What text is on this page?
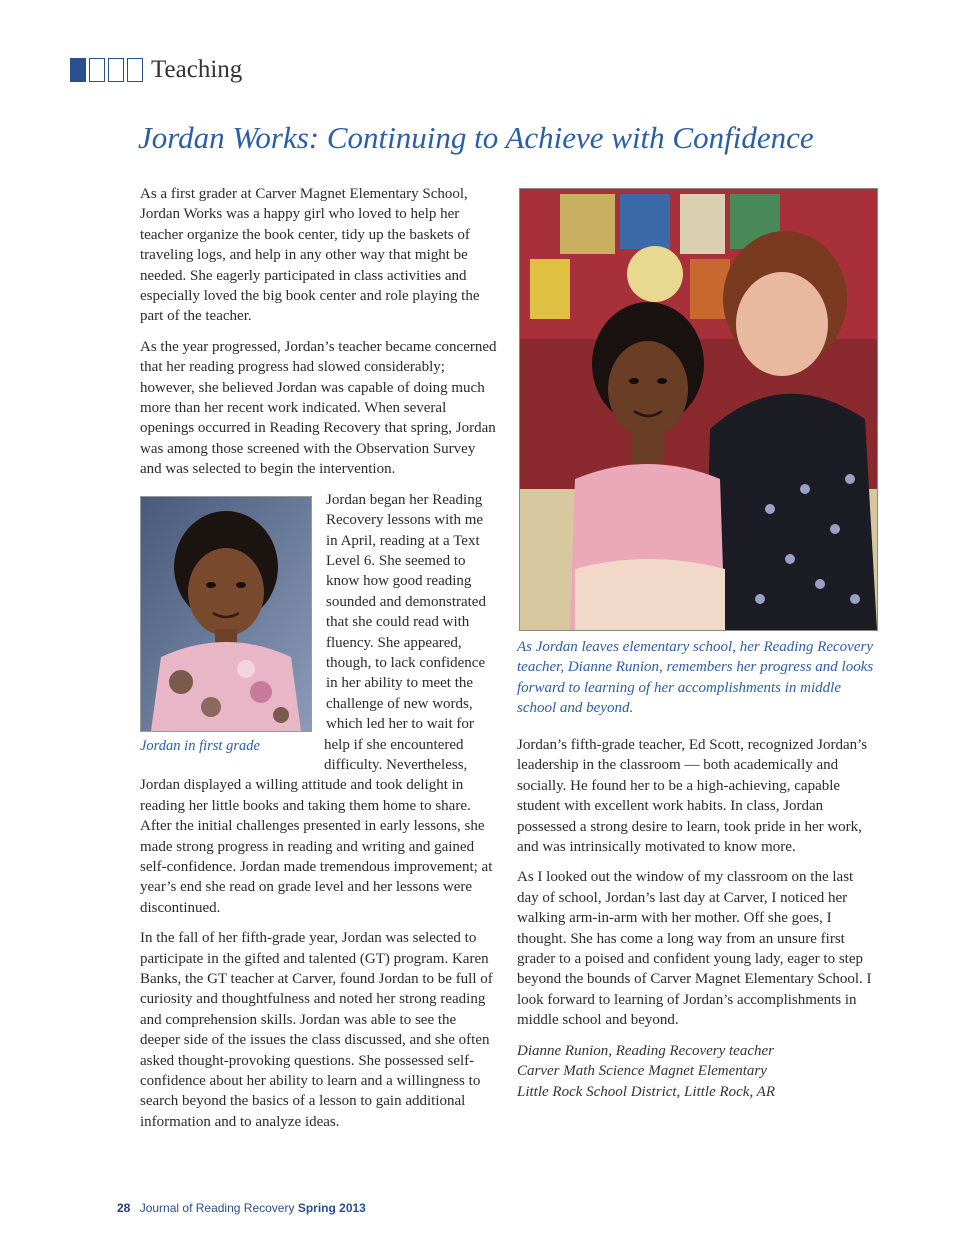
Teaching
Jordan Works: Continuing to Achieve with Confidence

As a first grader at Carver Magnet Elementary School, Jordan Works was a happy girl who loved to help her teacher organize the book center, tidy up the baskets of traveling logs, and help in any other way that might be needed. She eagerly participated in class activities and especially loved the big book center and role playing the part of the teacher.

As the year progressed, Jordan’s teacher became concerned that her reading progress had slowed considerably; however, she believed Jordan was capable of doing much more than her recent work indicated. When several openings occurred in Reading Recovery that spring, Jordan was among those screened with the Observation Survey and was selected to begin the intervention.

Jordan in first grade

Jordan began her Reading Recovery lessons with me in April, reading at a Text Level 6. She seemed to know how good reading sounded and demonstrated that she could read with fluency. She appeared, though, to lack confidence in her ability to meet the challenge of new words, which led her to wait for help if she encountered difficulty. Nevertheless, Jordan displayed a willing attitude and took delight in reading her little books and taking them home to share. After the initial challenges presented in early lessons, she made strong progress in reading and writing and gained self-confidence. Jordan made tremendous improvement; at year’s end she read on grade level and her lessons were discontinued.

In the fall of her fifth-grade year, Jordan was selected to participate in the gifted and talented (GT) program. Karen Banks, the GT teacher at Carver, found Jordan to be full of curiosity and thoughtfulness and noted her strong reading and comprehension skills. Jordan was able to see the deeper side of the issues the class discussed, and she often asked thought-provoking questions. She possessed self-confidence about her ability to learn and a willingness to search beyond the basics of a lesson to gain additional information and to analyze ideas.

As Jordan leaves elementary school, her Reading Recovery teacher, Dianne Runion, remembers her progress and looks forward to learning of her accomplishments in middle school and beyond.

Jordan’s fifth-grade teacher, Ed Scott, recognized Jordan’s leadership in the classroom — both academically and socially. He found her to be a high-achieving, capable student with excellent work habits. In class, Jordan possessed a strong desire to learn, took pride in her work, and was intrinsically motivated to know more.

As I looked out the window of my classroom on the last day of school, Jordan’s last day at Carver, I noticed her walking arm-in-arm with her mother. Off she goes, I thought. She has come a long way from an unsure first grader to a poised and confident young lady, eager to step beyond the bounds of Carver Magnet Elementary School. I look forward to learning of Jordan’s accomplishments in middle school and beyond.

Dianne Runion, Reading Recovery teacher
Carver Math Science Magnet Elementary
Little Rock School District, Little Rock, AR
28 Journal of Reading Recovery Spring 2013
